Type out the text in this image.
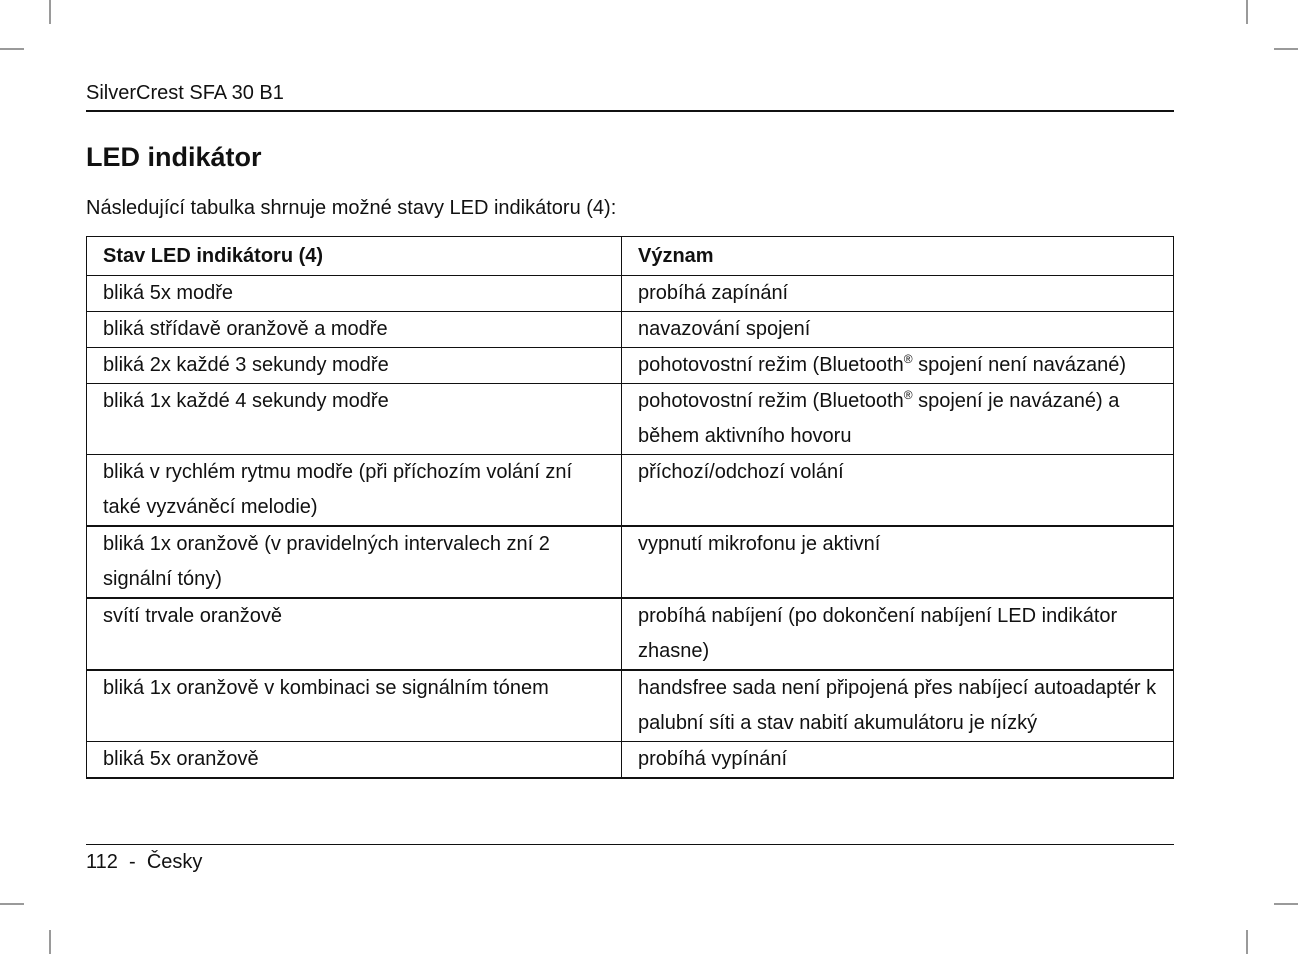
SilverCrest SFA 30 B1
LED indikátor
Následující tabulka shrnuje možné stavy LED indikátoru (4):
Stav LED indikátoru (4)	Význam
bliká 5x modře	probíhá zapínání
bliká střídavě oranžově a modře	navazování spojení
bliká 2x každé 3 sekundy modře	pohotovostní režim (Bluetooth® spojení není navázané)
bliká 1x každé 4 sekundy modře	pohotovostní režim (Bluetooth® spojení je navázané) a během aktivního hovoru
bliká v rychlém rytmu modře (při příchozím volání zní také vyzváněcí melodie)	příchozí/odchozí volání
bliká 1x oranžově (v pravidelných intervalech zní 2 signální tóny)	vypnutí mikrofonu je aktivní
svítí trvale oranžově	probíhá nabíjení (po dokončení nabíjení LED indikátor zhasne)
bliká 1x oranžově v kombinaci se signálním tónem	handsfree sada není připojená přes nabíjecí autoadaptér k palubní síti a stav nabití akumulátoru je nízký
bliká 5x oranžově	probíhá vypínání
112 - Česky
